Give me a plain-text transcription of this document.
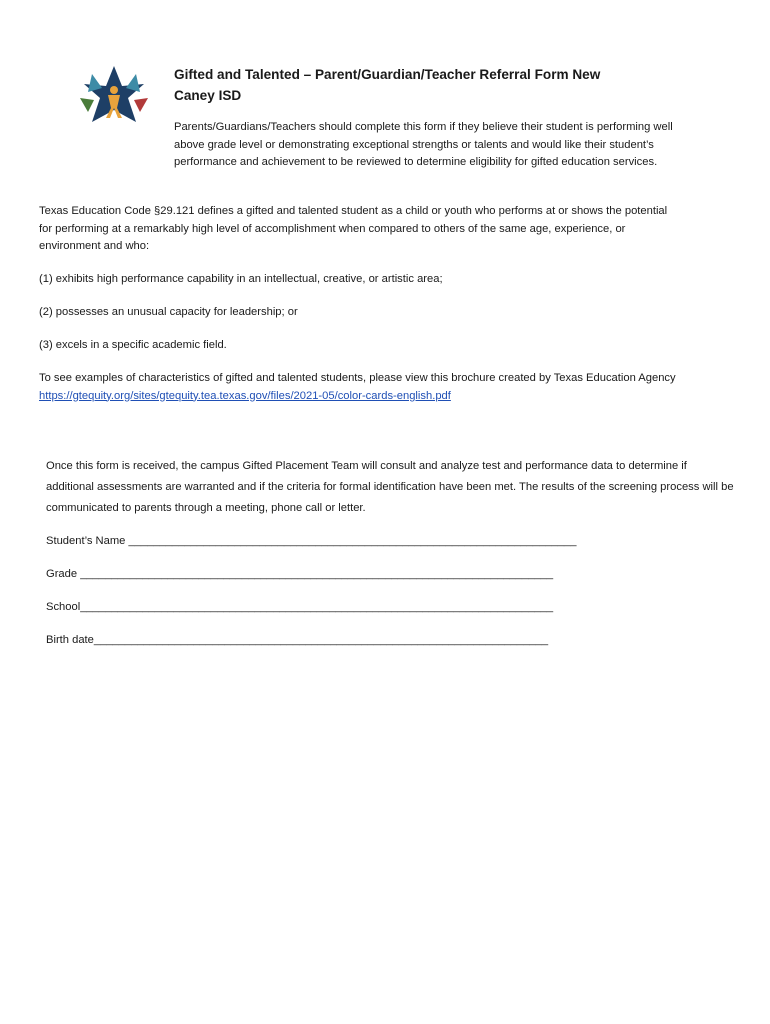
Gifted and Talented – Parent/Guardian/Teacher Referral Form New Caney ISD
Parents/Guardians/Teachers should complete this form if they believe their student is performing well above grade level or demonstrating exceptional strengths or talents and would like their student’s performance and achievement to be reviewed to determine eligibility for gifted education services.
Texas Education Code §29.121 defines a gifted and talented student as a child or youth who performs at or shows the potential for performing at a remarkably high level of accomplishment when compared to others of the same age, experience, or environment and who:
(1) exhibits high performance capability in an intellectual, creative, or artistic area;
(2) possesses an unusual capacity for leadership; or
(3) excels in a specific academic field.
To see examples of characteristics of gifted and talented students, please view this brochure created by Texas Education Agency https://gtequity.org/sites/gtequity.tea.texas.gov/files/2021-05/color-cards-english.pdf
Once this form is received, the campus Gifted Placement Team will consult and analyze test and performance data to determine if additional assessments are warranted and if the criteria for formal identification have been met. The results of the screening process will be communicated to parents through a meeting, phone call or letter.
Student’s Name ________________________________________________________________________
Grade ____________________________________________________________________________
School____________________________________________________________________________
Birth date_________________________________________________________________________
